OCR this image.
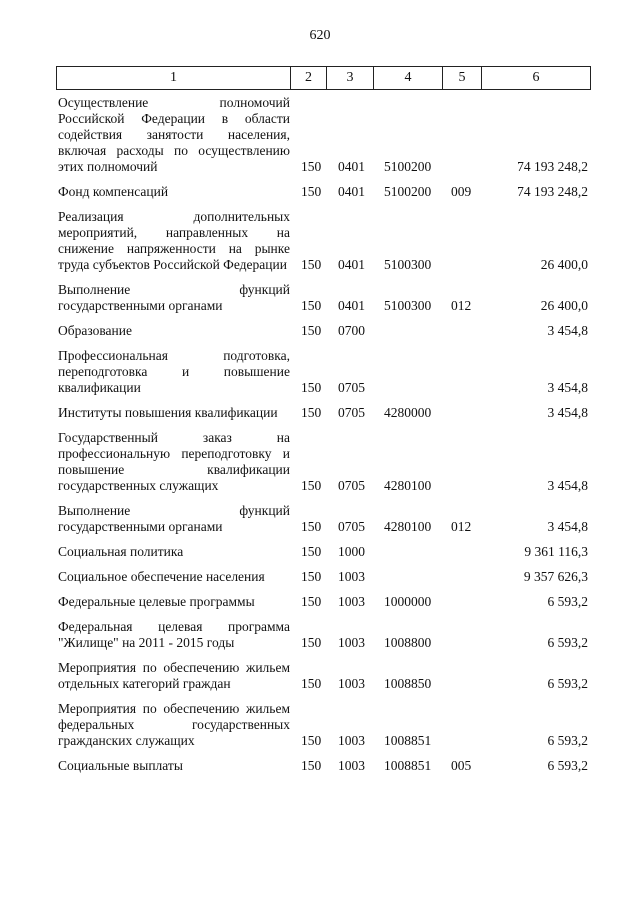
620
1	2	3	4	5	6
Осуществление полномочий Российской Федерации в области содействия занятости населения, включая расходы по осуществлению этих полномочий	150 0401 5100200	74 193 248,2
Фонд компенсаций	150 0401 5100200 009	74 193 248,2
Реализация дополнительных мероприятий, направленных на снижение напряженности на рынке труда субъектов Российской Федерации 150 0401 5100300	26 400,0
Выполнение функций государственными органами	150 0401 5100300 012	26 400,0
Образование	150 0700	3 454,8
Профессиональная подготовка, переподготовка и повышение квалификации	150 0705	3 454,8
Институты повышения квалификации	150 0705 4280000	3 454,8
Государственный заказ на профессиональную переподготовку и повышение квалификации государственных служащих	150 0705 4280100	3 454,8
Выполнение функций государственными органами	150 0705 4280100 012	3 454,8
Социальная политика	150 1000	9 361 116,3
Социальное обеспечение населения	150 1003	9 357 626,3
Федеральные целевые программы	150 1003 1000000	6 593,2
Федеральная целевая программа "Жилище" на 2011 - 2015 годы	150 1003 1008800	6 593,2
Мероприятия по обеспечению жильем отдельных категорий граждан	150 1003 1008850	6 593,2
Мероприятия по обеспечению жильем федеральных государственных гражданских служащих	150 1003 1008851	6 593,2
Социальные выплаты	150 1003 1008851 005	6 593,2
